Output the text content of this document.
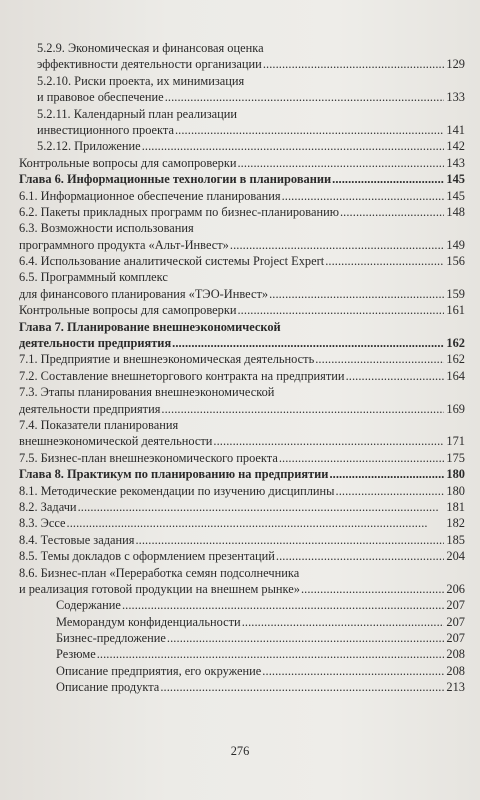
5.2.9. Экономическая и финансовая оценка
эффективности деятельности организации . . .	129
5.2.10. Риски проекта, их минимизация
и правовое обеспечение . . .	133
5.2.11. Календарный план реализации
инвестиционного проекта . . .	141
5.2.12. Приложение . . .	142
Контрольные вопросы для самопроверки . . .	143
Глава 6. Информационные технологии в планировании . . .	145
6.1. Информационное обеспечение планирования . . .	145
6.2. Пакеты прикладных программ по бизнес-планированию . . .	148
6.3. Возможности использования
программного продукта «Альт-Инвест» . . .	149
6.4. Использование аналитической системы Project Expert . . .	156
6.5. Программный комплекс
для финансового планирования «ТЭО-Инвест» . . .	159
Контрольные вопросы для самопроверки . . .	161
Глава 7. Планирование внешнеэкономической
деятельности предприятия . . .	162
7.1. Предприятие и внешнеэкономическая деятельность . . .	162
7.2. Составление внешнеторгового контракта на предприятии . . .	164
7.3. Этапы планирования внешнеэкономической
деятельности предприятия . . .	169
7.4. Показатели планирования
внешнеэкономической деятельности . . .	171
7.5. Бизнес-план внешнеэкономического проекта . . .	175
Глава 8. Практикум по планированию на предприятии . . .	180
8.1. Методические рекомендации по изучению дисциплины . . .	180
8.2. Задачи . . .	181
8.3. Эссе . . .	182
8.4. Тестовые задания . . .	185
8.5. Темы докладов с оформлением презентаций . . .	204
8.6. Бизнес-план «Переработка семян подсолнечника
и реализация готовой продукции на внешнем рынке» . . .	206
Содержание . . .	207
Меморандум конфиденциальности . . .	207
Бизнес-предложение . . .	207
Резюме . . .	208
Описание предприятия, его окружение . . .	208
Описание продукта . . .	213
276
